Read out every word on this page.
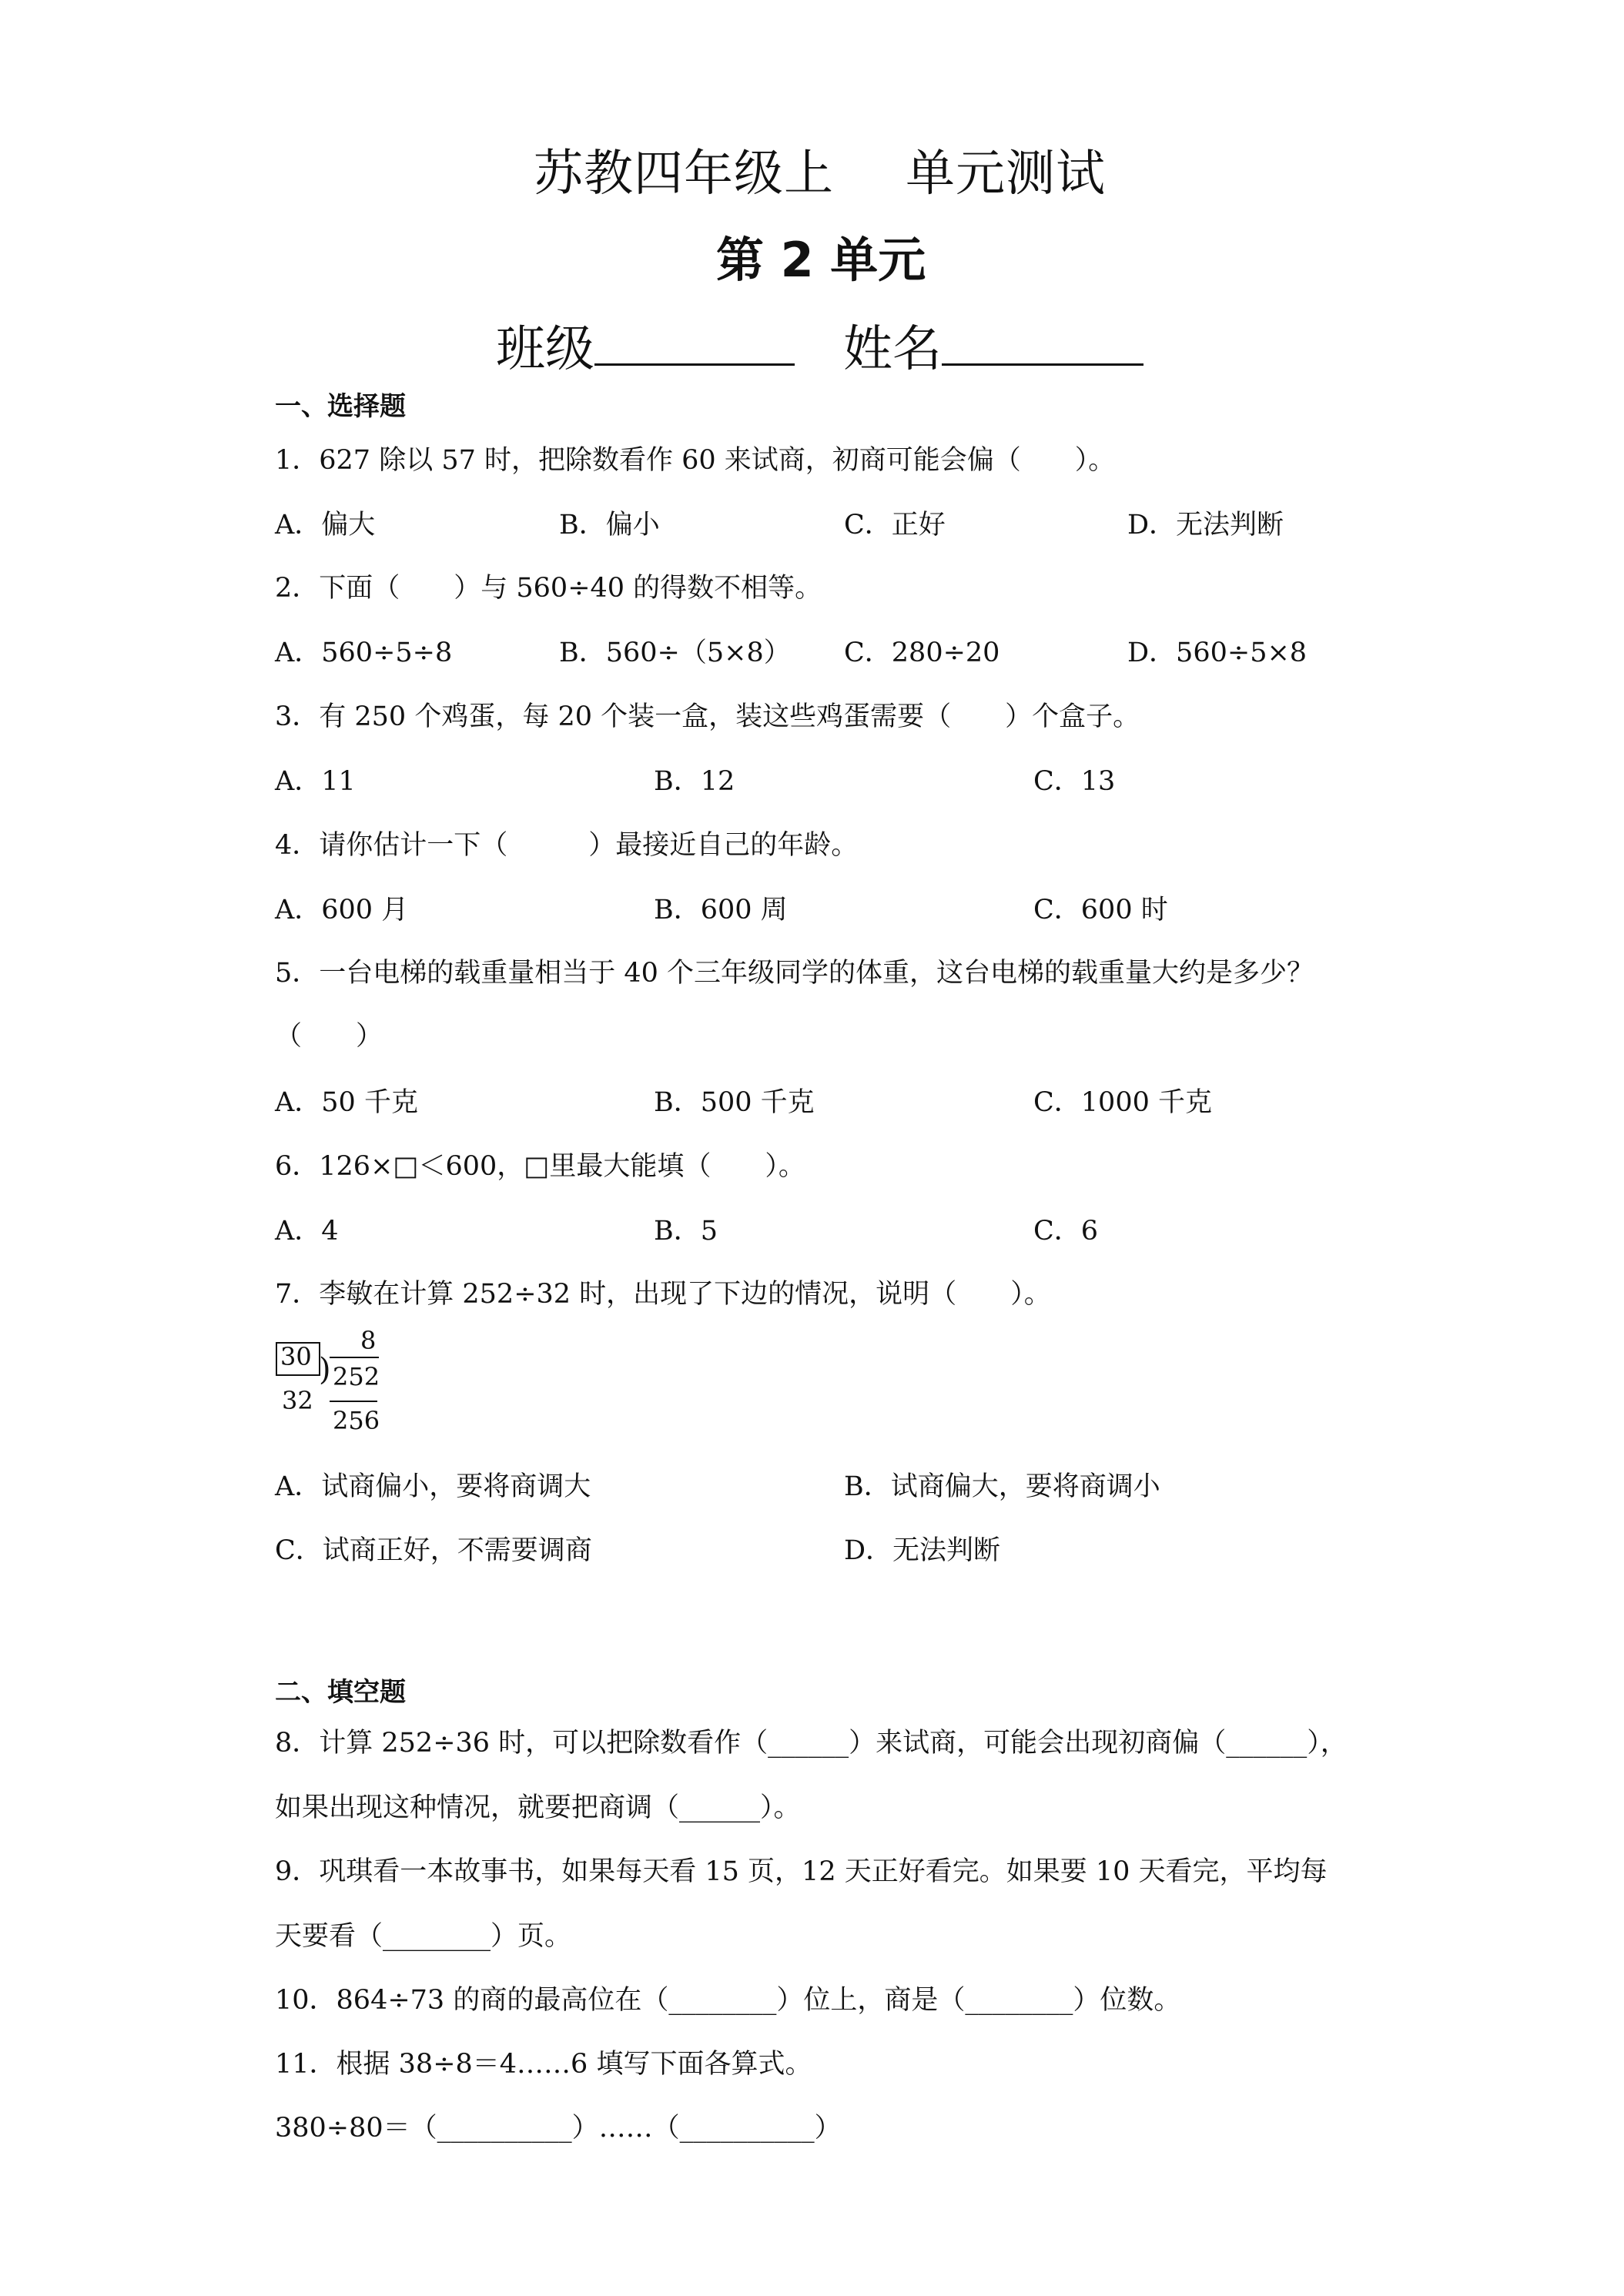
苏教四年级上 单元测试
第 2 单元
班级	姓名
一、选择题
1．627 除以 57 时，把除数看作 60 来试商，初商可能会偏（　　）。
A．偏大	B．偏小	C．正好	D．无法判断
2．下面（　　）与 560÷40 的得数不相等。
A．560÷5÷8	B．560÷（5×8） C．280÷20	D．560÷5×8
3．有 250 个鸡蛋，每 20 个装一盒，装这些鸡蛋需要（　　）个盒子。
A．11	B．12	C．13
4．请你估计一下（　　　）最接近自己的年龄。
A．600 月	B．600 周	C．600 时
5．一台电梯的载重量相当于 40 个三年级同学的体重，这台电梯的载重量大约是多少？
（　　）
A．50 千克	B．500 千克	C．1000 千克
6．126×□＜600，□里最大能填（　　）。
A．4	B．5	C．6
7．李敏在计算 252÷32 时，出现了下边的情况，说明（　　）。
30
8
) 252
32
256
A．试商偏小，要将商调大	B．试商偏大，要将商调小
C．试商正好，不需要调商	D．无法判断
二、填空题
8．计算 252÷36 时，可以把除数看作（______）来试商，可能会出现初商偏（______），
如果出现这种情况，就要把商调（______）。
9．巩琪看一本故事书，如果每天看 15 页，12 天正好看完。如果要 10 天看完，平均每
天要看（________）页。
10．864÷73 的商的最高位在（________）位上，商是（________）位数。
11．根据 38÷8＝4……6 填写下面各算式。
380÷80＝（__________）……（__________）
